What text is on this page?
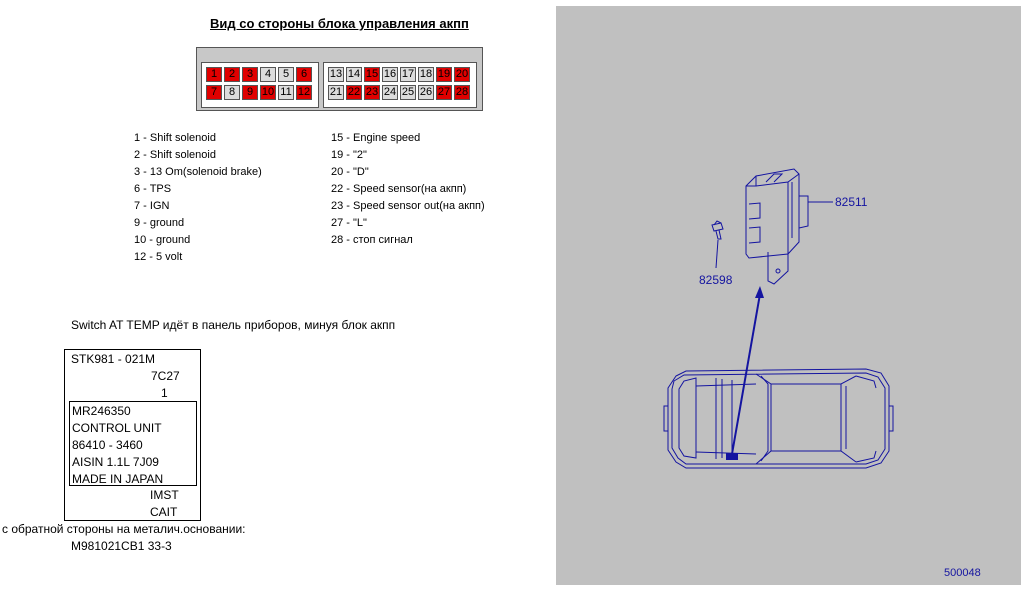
Вид со стороны блока управления акпп
1	2	3	4	5	6
7	8	9 10 11 12
13 14 15 16 17 18 19 20
21 22 23 24 25 26 27 28
1 - Shift solenoid
2 - Shift solenoid
3 - 13 Om(solenoid brake)
6 - TPS
7 - IGN
9 - ground
10 - ground
12 - 5 volt
15 - Engine speed
19 - "2"
20 - "D"
22 - Speed sensor(на акпп)
23 - Speed sensor out(на акпп)
27 - "L"
28 - стоп сигнал
Switch AT TEMP идёт в панель приборов, минуя блок акпп
STK981 - 021M
7C27
1
MR246350
CONTROL UNIT
86410 - 3460
AISIN 1.1L 7J09
MADE IN JAPAN
IMST
CAIT
с обратной стороны на металич.основании:
M981021CB1 33-3
82511
82598
500048
